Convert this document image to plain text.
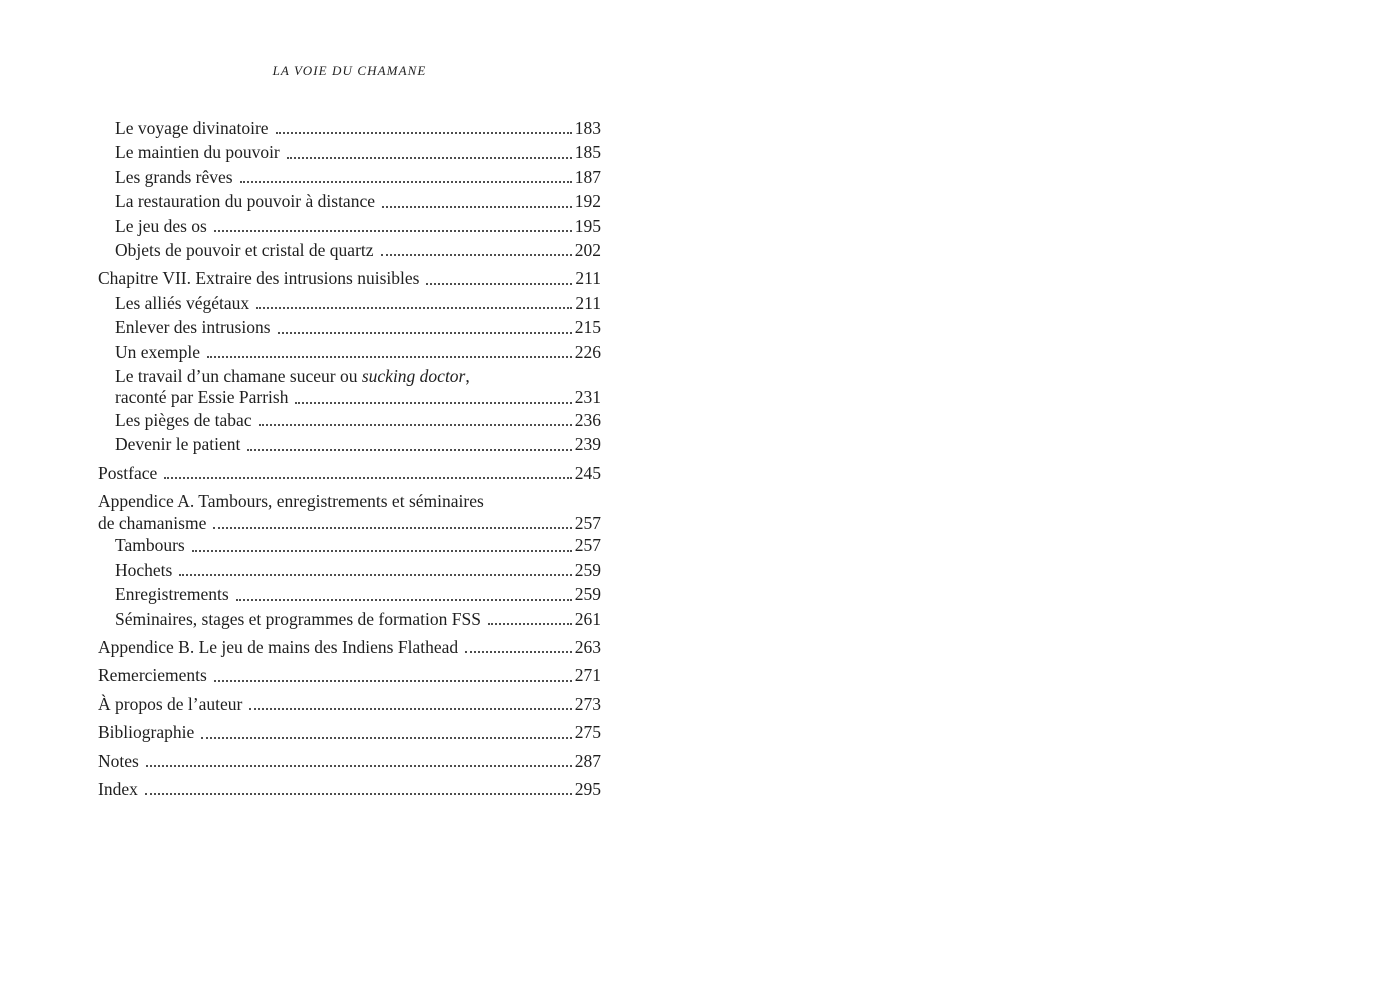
LA VOIE DU CHAMANE
Le voyage divinatoire	183
Le maintien du pouvoir	185
Les grands rêves	187
La restauration du pouvoir à distance	192
Le jeu des os	195
Objets de pouvoir et cristal de quartz	202
Chapitre VII. Extraire des intrusions nuisibles	211
Les alliés végétaux	211
Enlever des intrusions	215
Un exemple	226
Le travail d’un chamane suceur ou sucking doctor,
raconté par Essie Parrish	231
Les pièges de tabac	236
Devenir le patient	239
Postface	245
Appendice A. Tambours, enregistrements et séminaires
de chamanisme	257
Tambours	257
Hochets	259
Enregistrements	259
Séminaires, stages et programmes de formation FSS	261
Appendice B. Le jeu de mains des Indiens Flathead	263
Remerciements	271
À propos de l’auteur	273
Bibliographie	275
Notes	287
Index	295
